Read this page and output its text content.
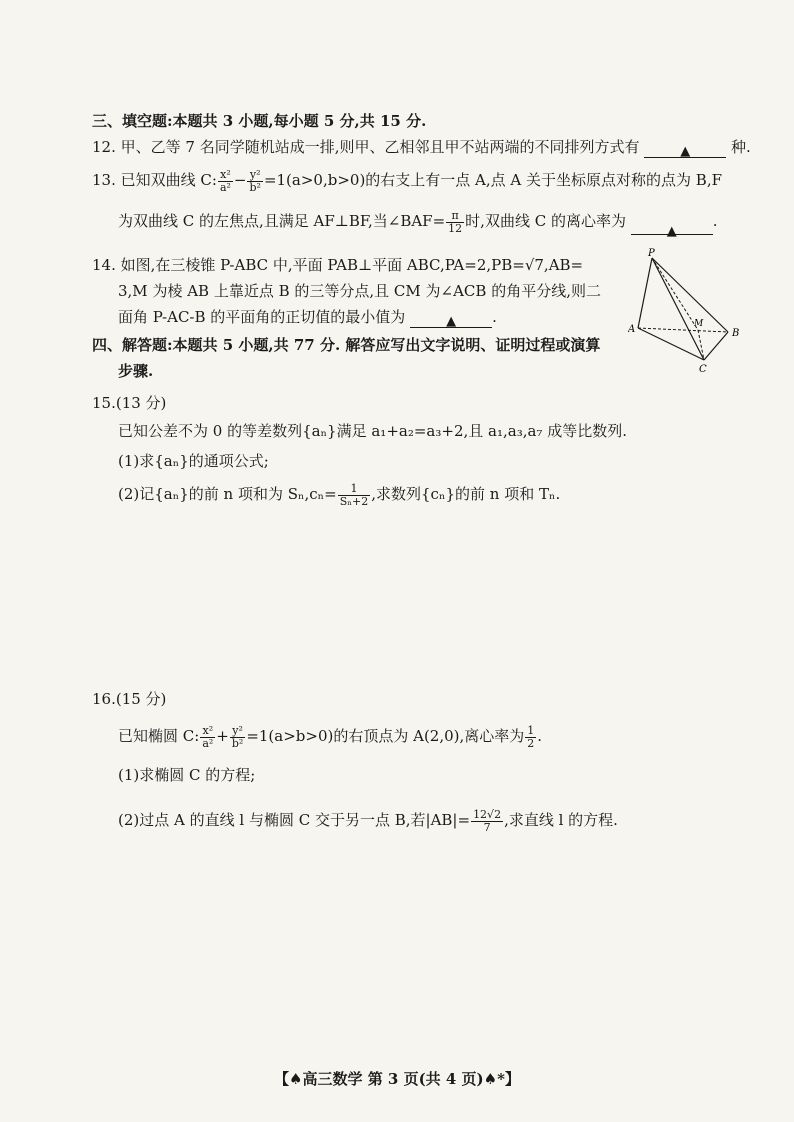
三、填空题:本题共 3 小题,每小题 5 分,共 15 分.
12. 甲、乙等 7 名同学随机站成一排,则甲、乙相邻且甲不站两端的不同排列方式有	▲	种.
13. 已知双曲线 C: $\frac{\text{x²}}{\text{a²}} - \frac{\text{y²}}{\text{b²}} =1(a>0,b>0)$的右支上有一点 A,点 A 关于坐标原点对称的点为 B,F
为双曲线 C 的左焦点,且满足 AF⊥BF,当∠BAF= $\frac{\pi}{12}$ 时,双曲线 C 的离心率为 ▲.
14. 如图,在三棱锥 P-ABC 中,平面 PAB⊥平面 ABC,PA=2,PB=√7,AB=
3,M 为棱 AB 上靠近点 B 的三等分点,且 CM 为∠ACB 的角平分线,则二
面角 P-AC-B 的平面角的正切值的最小值为	▲ .
P
A	B
C
M
四、解答题:本题共 5 小题,共 77 分. 解答应写出文字说明、证明过程或演算
步骤.
15.(13 分)
已知公差不为 0 的等差数列{aₙ}满足 a₁+a₂=a₃+2,且 a₁,a₃,a₇ 成等比数列.
(1)求{aₙ}的通项公式;
(2)记{aₙ}的前 n 项和为 $S_n,c_n= \frac{1}{\text{Sₙ+2}}$ ,求数列{cₙ}的前 n 项和 Tₙ.
16.(15 分)
已知椭圆 C: $\frac{\text{x²}}{\text{a²}} + \frac{\text{y²}}{\text{b²}} =1(a>b>0)$的右顶点为 A(2,0),离心率为 $\frac{1}{2}$ .
(1)求椭圆 C 的方程;
(2)过点 A 的直线 l 与椭圆 C 交于另一点 B,若$|AB|= \frac{12√2}{7}$ ,求直线 l 的方程.
【♠高三数学 第 3 页(共 4 页)♠*】
